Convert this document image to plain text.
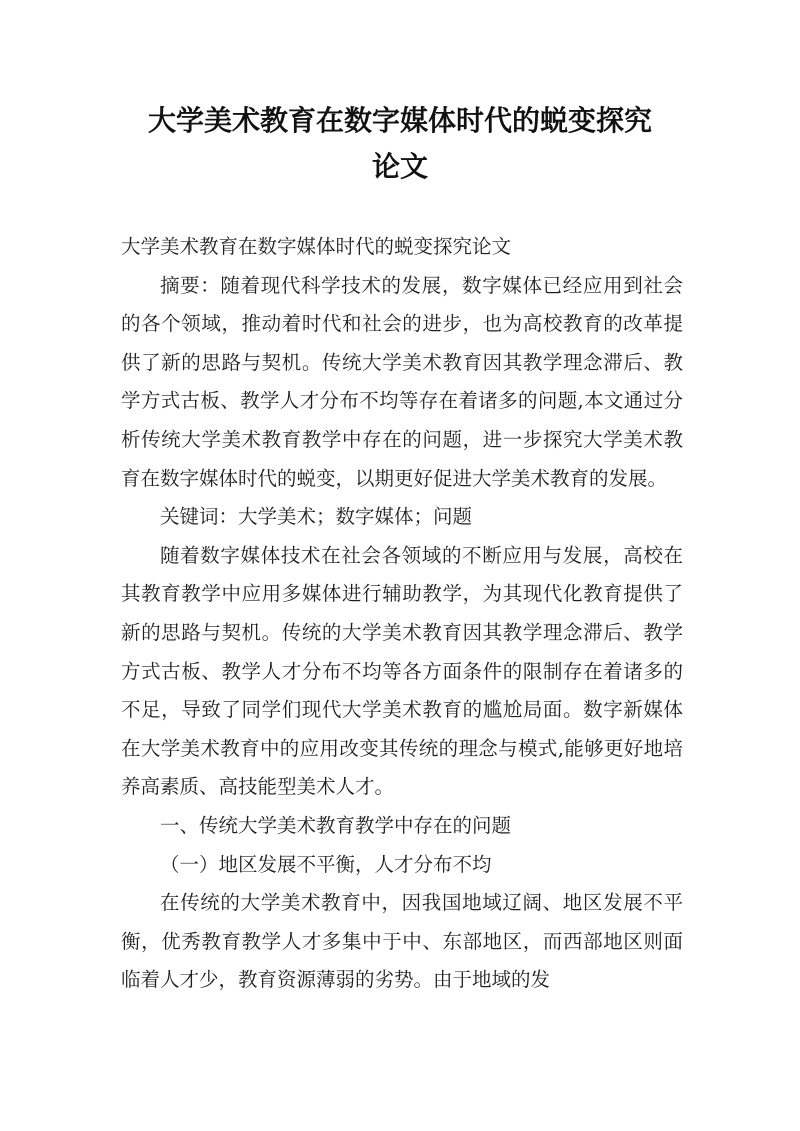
大学美术教育在数字媒体时代的蜕变探究
论文

大学美术教育在数字媒体时代的蜕变探究论文

摘要：随着现代科学技术的发展，数字媒体已经应用到社会的各个领域，推动着时代和社会的进步，也为高校教育的改革提供了新的思路与契机。传统大学美术教育因其教学理念滞后、教学方式古板、教学人才分布不均等存在着诸多的问题,本文通过分析传统大学美术教育教学中存在的问题，进一步探究大学美术教育在数字媒体时代的蜕变，以期更好促进大学美术教育的发展。

关键词：大学美术；数字媒体；问题

随着数字媒体技术在社会各领域的不断应用与发展，高校在其教育教学中应用多媒体进行辅助教学，为其现代化教育提供了新的思路与契机。传统的大学美术教育因其教学理念滞后、教学方式古板、教学人才分布不均等各方面条件的限制存在着诸多的不足，导致了同学们现代大学美术教育的尴尬局面。数字新媒体在大学美术教育中的应用改变其传统的理念与模式,能够更好地培养高素质、高技能型美术人才。

一、传统大学美术教育教学中存在的问题

（一）地区发展不平衡，人才分布不均

在传统的大学美术教育中，因我国地域辽阔、地区发展不平衡，优秀教育教学人才多集中于中、东部地区，而西部地区则面临着人才少，教育资源薄弱的劣势。由于地域的发
